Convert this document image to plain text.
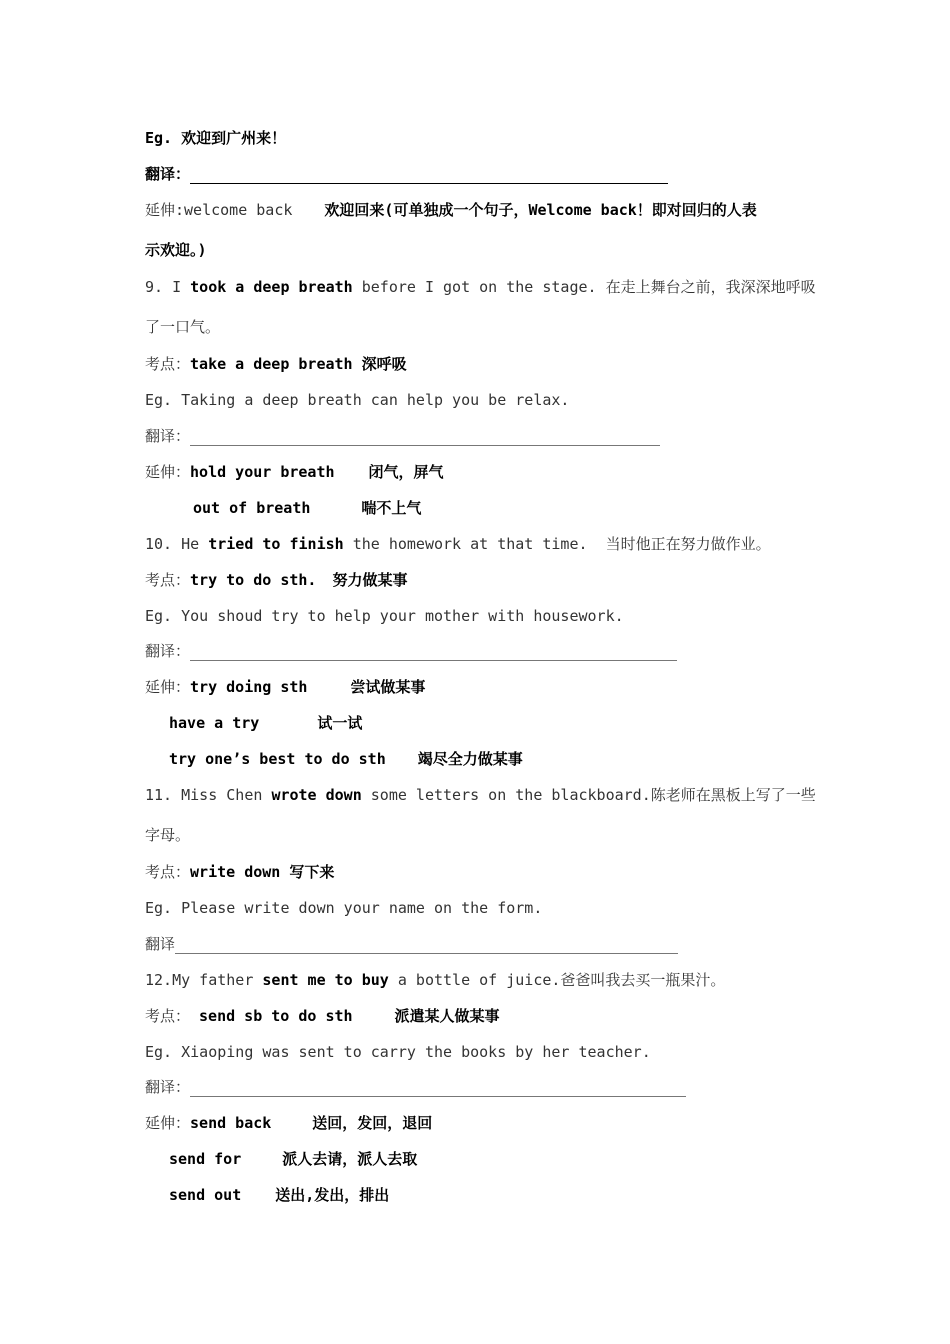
Eg. 欢迎到广州来！
翻译：
延伸:welcome back 欢迎回来(可单独成一个句子，Welcome back！即对回归的人表
示欢迎。)
9. I took a deep breath before I got on the stage. 在走上舞台之前，我深深地呼吸
了一口气。
考点：take a deep breath 深呼吸
Eg. Taking a deep breath can help you be relax.
翻译：
延伸：hold your breath 闭气，屏气
out of breath	喘不上气
10. He tried to finish the homework at that time.  当时他正在努力做作业。
考点：try to do sth. 努力做某事
Eg. You shoud try to help your mother with housework.
翻译：
延伸：try doing sth	尝试做某事
have a try	试一试
try one’s best to do sth 竭尽全力做某事
11. Miss Chen wrote down some letters on the blackboard.陈老师在黑板上写了一些
字母。
考点：write down 写下来
Eg. Please write down your name on the form.
翻译
12.My father sent me to buy a bottle of juice.爸爸叫我去买一瓶果汁。
考点： send sb to do sth	派遣某人做某事
Eg. Xiaoping was sent to carry the books by her teacher.
翻译：
延伸：send back	送回，发回，退回
send for	派人去请，派人去取
send out 送出,发出，排出
